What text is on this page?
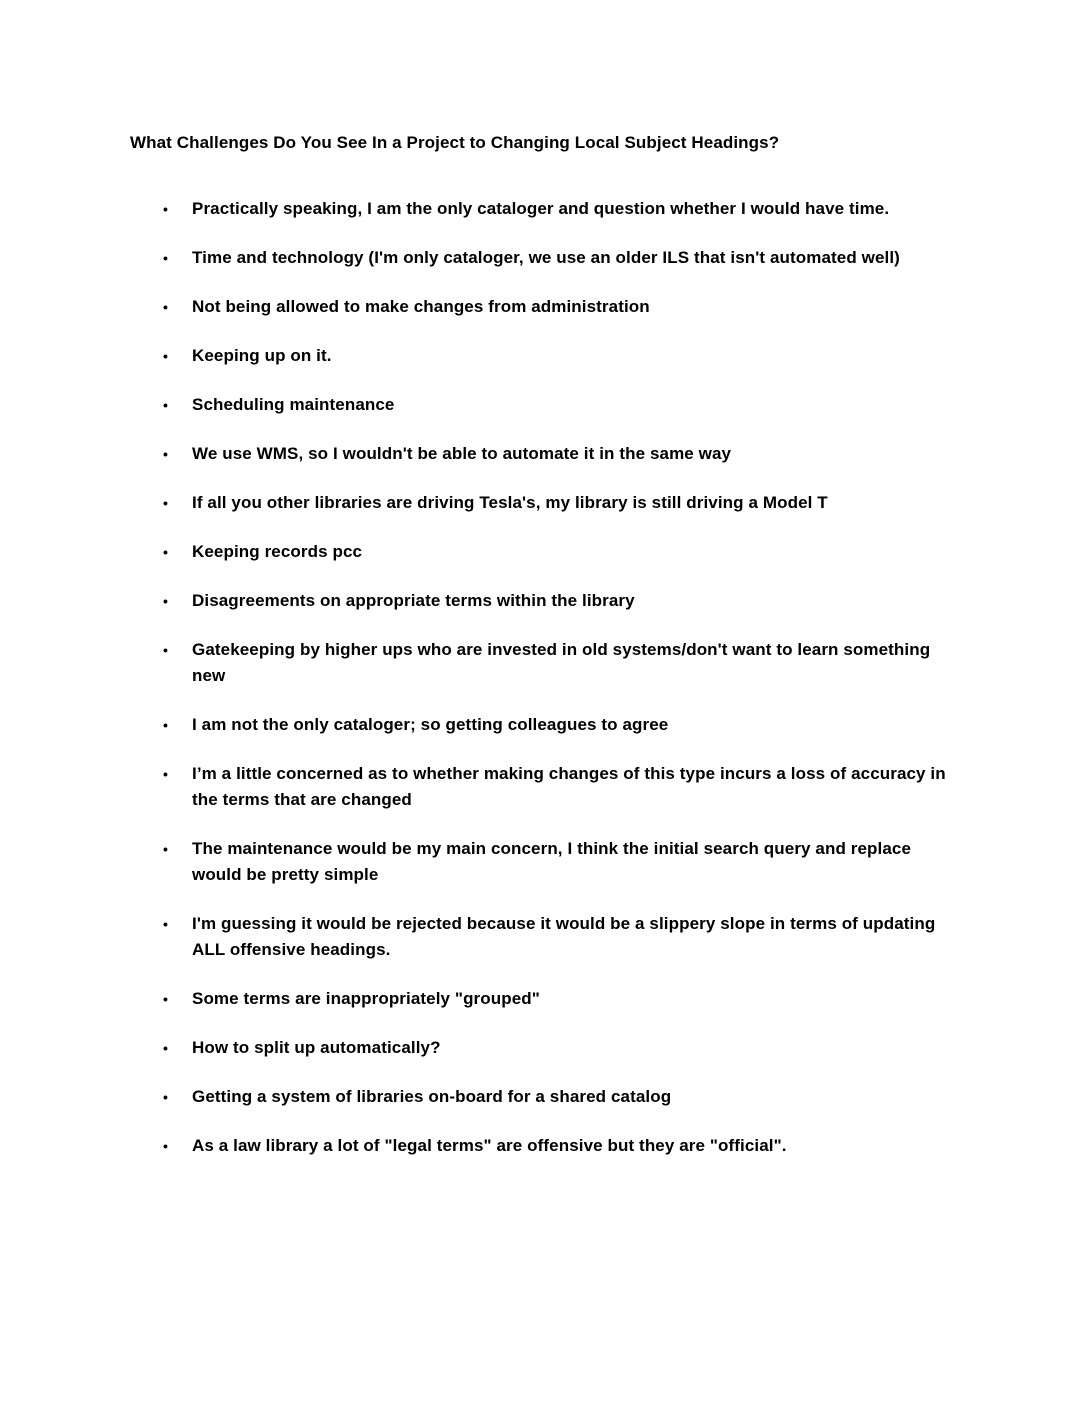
What Challenges Do You See In a Project to Changing Local Subject Headings?
• Practically speaking, I am the only cataloger and question whether I would have time.
• Time and technology (I'm only cataloger, we use an older ILS that isn't automated well)
• Not being allowed to make changes from administration
• Keeping up on it.
• Scheduling maintenance
• We use WMS, so I wouldn't be able to automate it in the same way
• If all you other libraries are driving Tesla's, my library is still driving a Model T
• Keeping records pcc
• Disagreements on appropriate terms within the library
• Gatekeeping by higher ups who are invested in old systems/don't want to learn something new
• I am not the only cataloger; so getting colleagues to agree
• I’m a little concerned as to whether making changes of this type incurs a loss of accuracy in the terms that are changed
• The maintenance would be my main concern, I think the initial search query and replace would be pretty simple
• I'm guessing it would be rejected because it would be a slippery slope in terms of updating ALL offensive headings.
• Some terms are inappropriately "grouped"
• How to split up automatically?
• Getting a system of libraries on-board for a shared catalog
• As a law library a lot of "legal terms" are offensive but they are "official".
